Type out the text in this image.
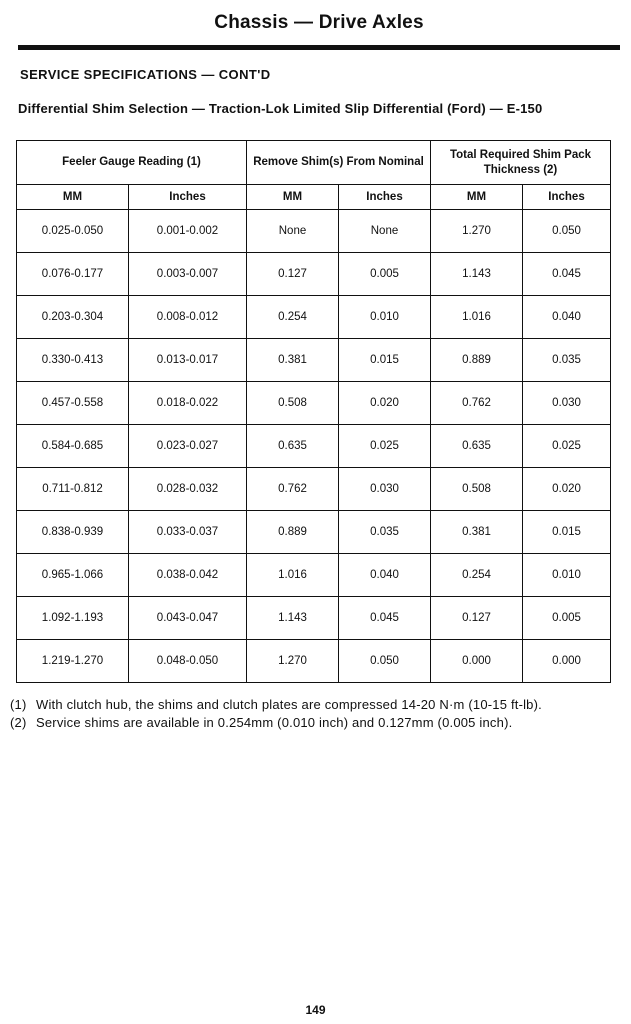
Chassis — Drive Axles
SERVICE SPECIFICATIONS — CONT'D
Differential Shim Selection — Traction-Lok Limited Slip Differential (Ford) — E-150
Feeler Gauge Reading (1)		Remove Shim(s) From Nominal		Total Required Shim Pack Thickness (2)	
MM	Inches	MM	Inches	MM	Inches
0.025-0.050	0.001-0.002	None	None	1.270	0.050
0.076-0.177	0.003-0.007	0.127	0.005	1.143	0.045
0.203-0.304	0.008-0.012	0.254	0.010	1.016	0.040
0.330-0.413	0.013-0.017	0.381	0.015	0.889	0.035
0.457-0.558	0.018-0.022	0.508	0.020	0.762	0.030
0.584-0.685	0.023-0.027	0.635	0.025	0.635	0.025
0.711-0.812	0.028-0.032	0.762	0.030	0.508	0.020
0.838-0.939	0.033-0.037	0.889	0.035	0.381	0.015
0.965-1.066	0.038-0.042	1.016	0.040	0.254	0.010
1.092-1.193	0.043-0.047	1.143	0.045	0.127	0.005
1.219-1.270	0.048-0.050	1.270	0.050	0.000	0.000
(1) With clutch hub, the shims and clutch plates are compressed 14-20 N·m (10-15 ft-lb).
(2) Service shims are available in 0.254mm (0.010 inch) and 0.127mm (0.005 inch).
149
